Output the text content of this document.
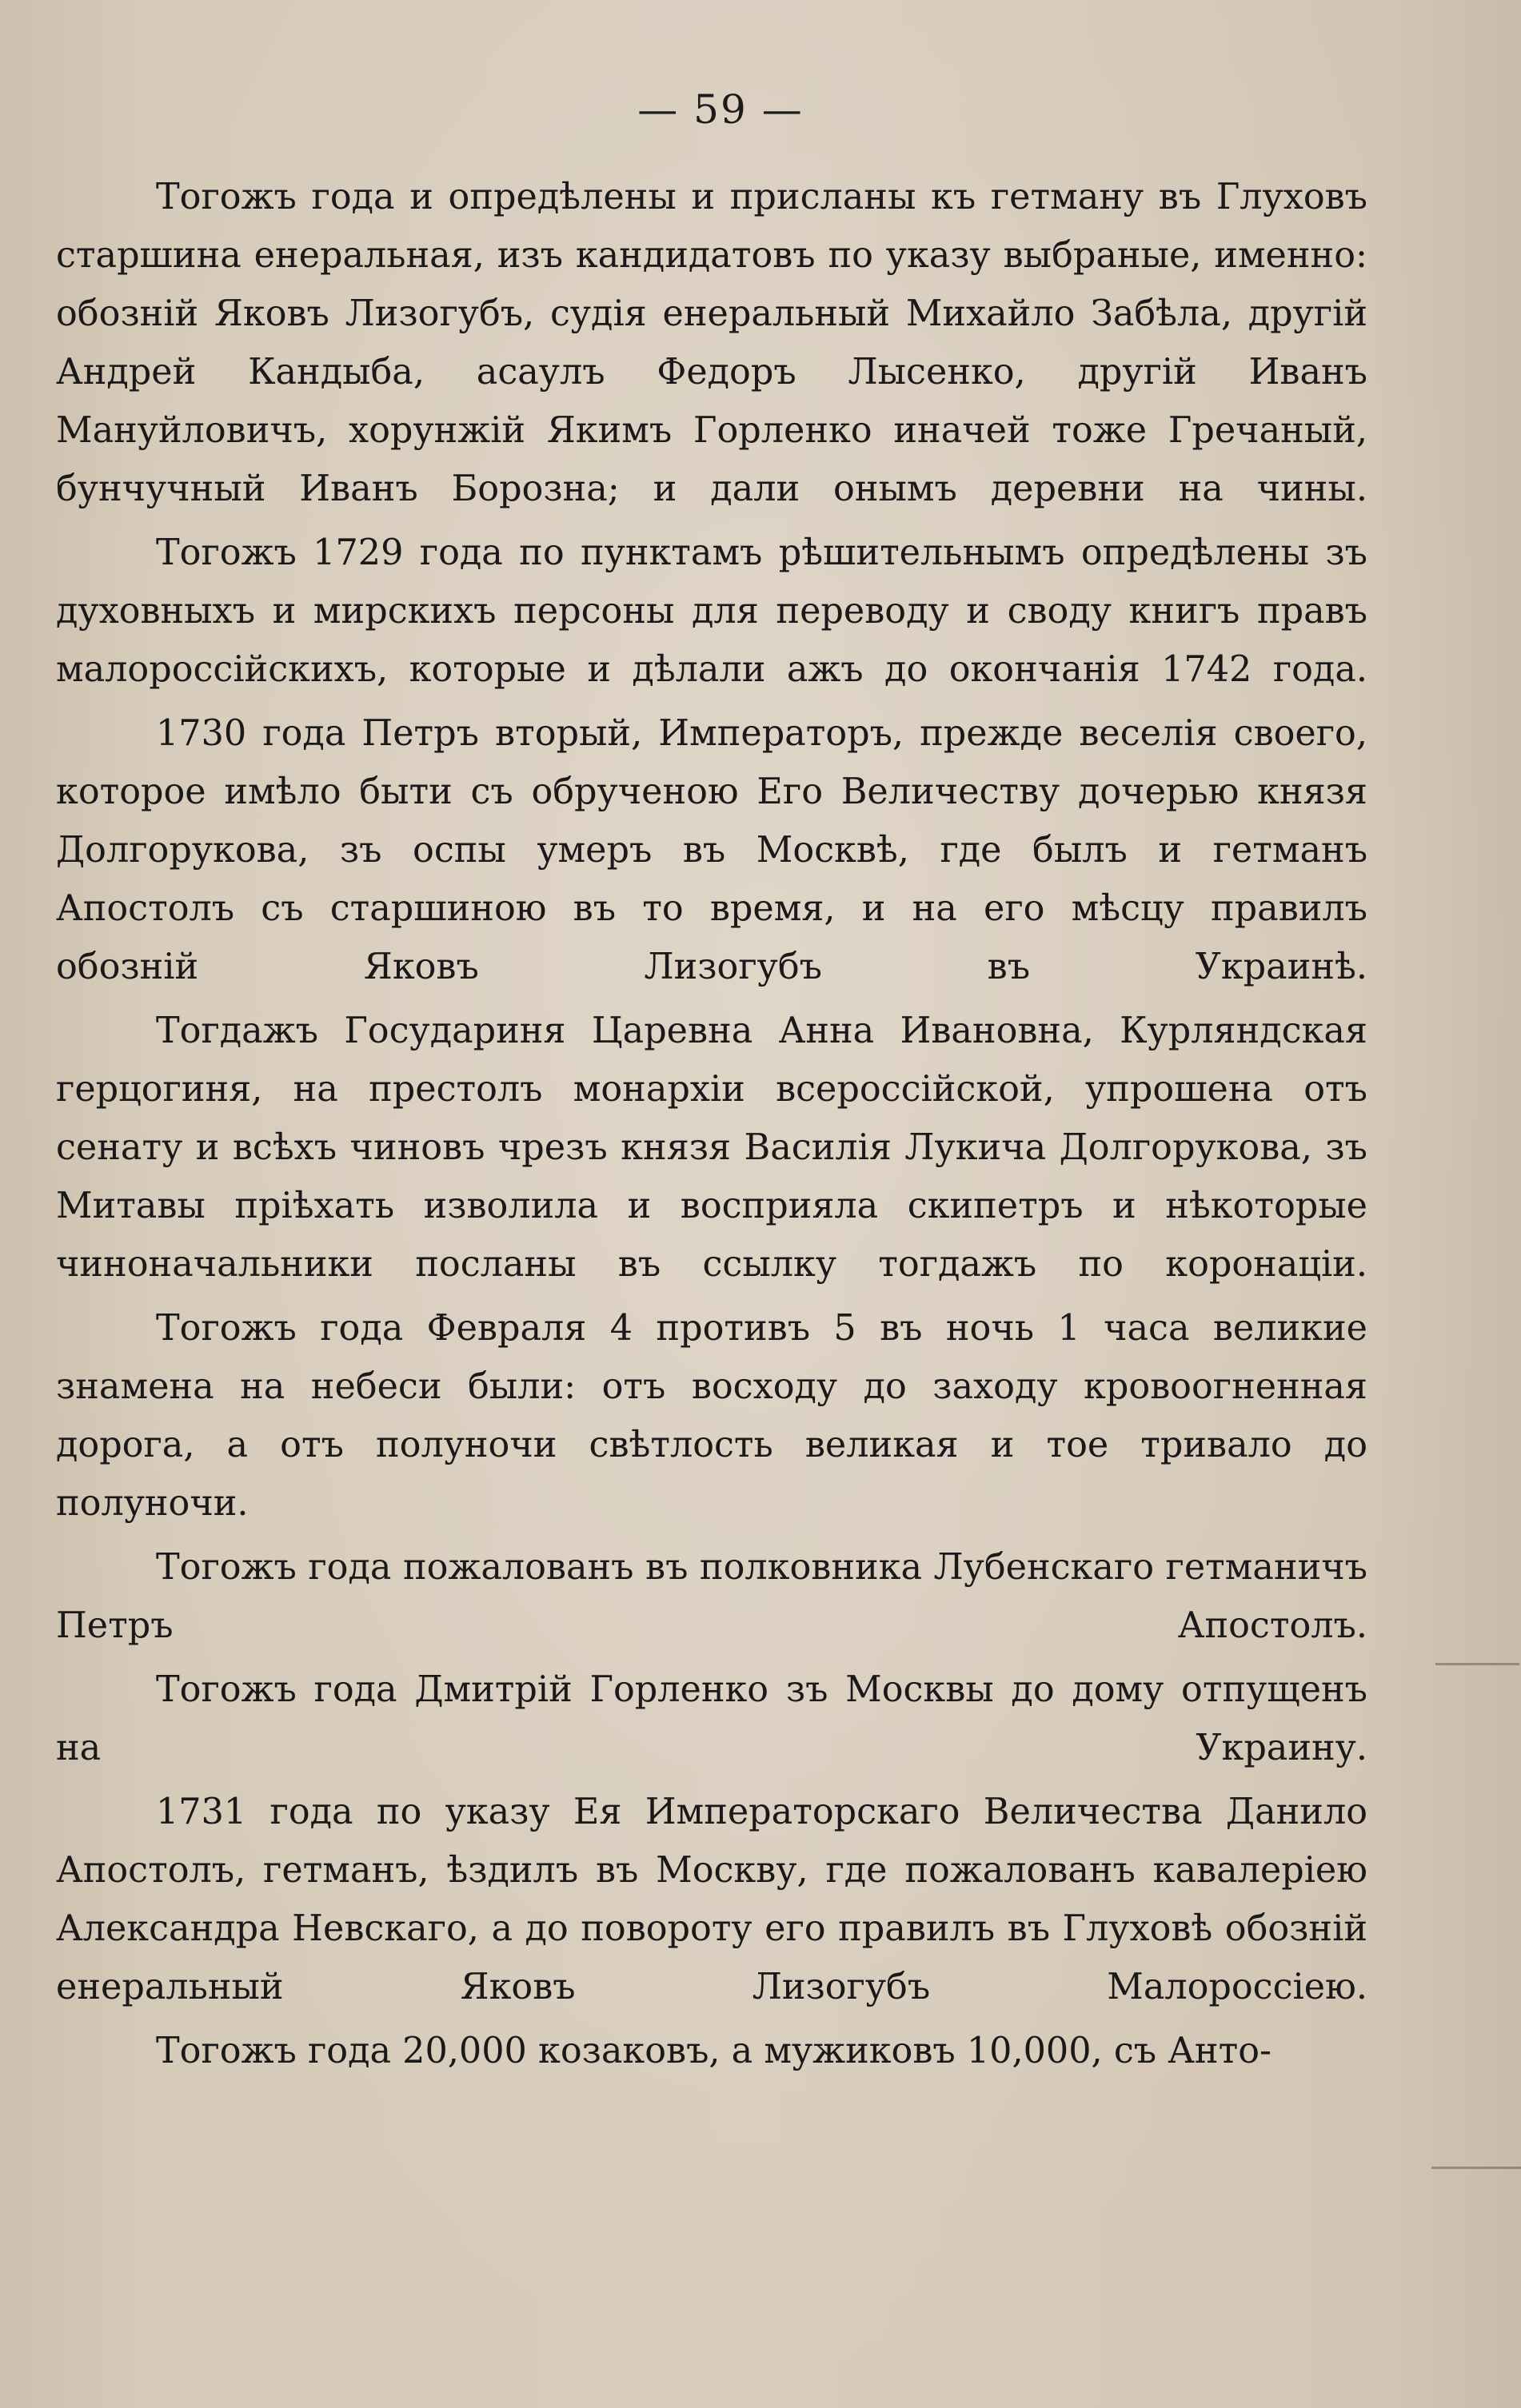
— 59 —

Тогожъ года и опредѣлены и присланы къ гетману въ Глуховъ старшина енеральная, изъ кандидатовъ по указу выбраные, именно: обозній Яковъ Лизогубъ, судія енеральный Михайло Забѣла, другій Андрей Кандыба, асаулъ Федоръ Лысенко, другій Иванъ Мануйловичъ, хорунжій Якимъ Горленко иначей тоже Гречаный, бунчучный Иванъ Борозна; и дали онымъ деревни на чины.

Тогожъ 1729 года по пунктамъ рѣшительнымъ опредѣлены зъ духовныхъ и мирскихъ персоны для переводу и своду книгъ правъ малороссійскихъ, которые и дѣлали ажъ до окончанія 1742 года.

1730 года Петръ вторый, Императоръ, прежде веселія своего, которое имѣло быти съ обрученою Его Величеству дочерью князя Долгорукова, зъ оспы умеръ въ Москвѣ, где былъ и гетманъ Апостолъ съ старшиною въ то время, и на его мѣсцу правилъ обозній Яковъ Лизогубъ въ Украинѣ.

Тогдажъ Государиня Царевна Анна Ивановна, Курляндская герцогиня, на престолъ монархіи всероссійской, упрошена отъ сенату и всѣхъ чиновъ чрезъ князя Василія Лукича Долгорукова, зъ Митавы пріѣхать изволила и восприяла скипетръ и нѣкоторые чиноначальники посланы въ ссылку тогдажъ по коронаціи.

Тогожъ года Февраля 4 противъ 5 въ ночь 1 часа великие знамена на небеси были: отъ восходу до заходу кровоогненная дорога, а отъ полуночи свѣтлость великая и тое тривало до полуночи.

Тогожъ года пожалованъ въ полковника Лубенскаго гетманичъ Петръ Апостолъ.

Тогожъ года Дмитрій Горленко зъ Москвы до дому отпущенъ на Украину.

1731 года по указу Ея Императорскаго Величества Данило Апостолъ, гетманъ, ѣздилъ въ Москву, где пожалованъ кавалеріею Александра Невскаго, а до повороту его правилъ въ Глуховѣ обозній енеральный Яковъ Лизогубъ Малороссіею.

Тогожъ года 20,000 козаковъ, а мужиковъ 10,000, съ Анто-
